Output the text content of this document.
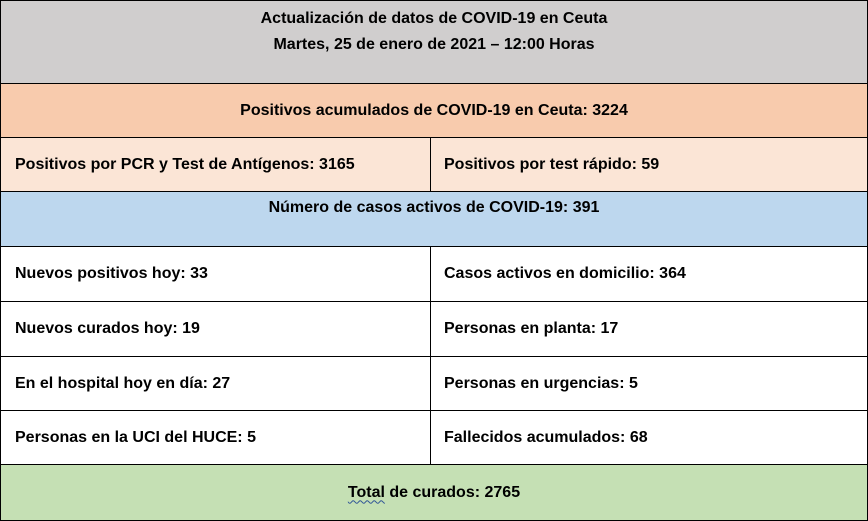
Actualización de datos de COVID-19 en Ceuta
Martes, 25 de enero de 2021 – 12:00 Horas
Positivos acumulados de COVID-19 en Ceuta: 3224
Positivos por PCR y Test de Antígenos: 3165	Positivos por test rápido: 59
Número de casos activos de COVID-19: 391
Nuevos positivos hoy: 33	Casos activos en domicilio: 364
Nuevos curados hoy: 19	Personas en planta: 17
En el hospital hoy en día: 27	Personas en urgencias: 5
Personas en la UCI del HUCE: 5	Fallecidos acumulados: 68
Total de curados: 2765
